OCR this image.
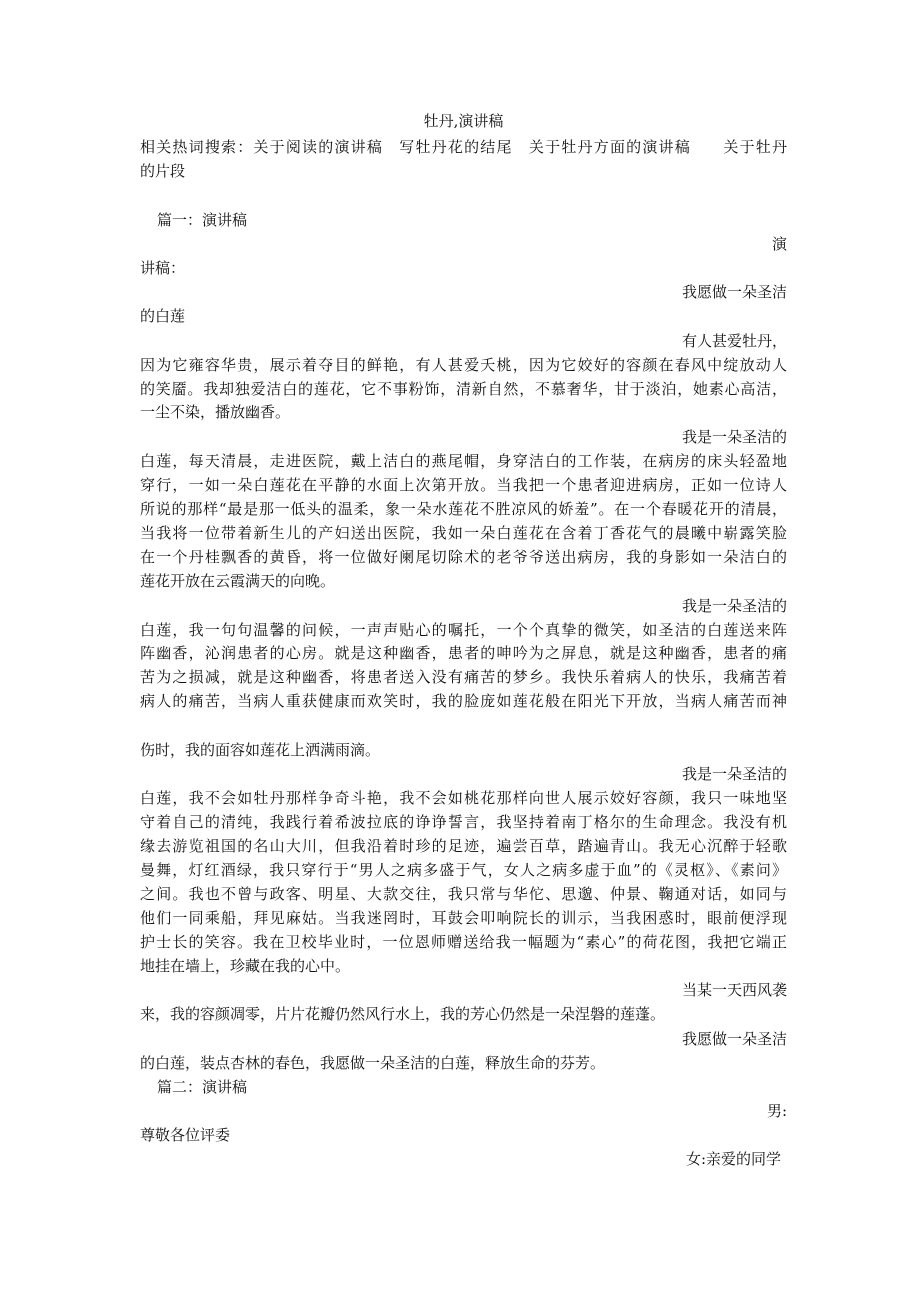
牡丹,演讲稿
相关热词搜索：关于阅读的演讲稿　写牡丹花的结尾　关于牡丹方面的演讲稿　　关于牡丹
的片段
篇一：演讲稿
演
讲稿：
我愿做一朵圣洁
的白莲
有人甚爱牡丹，
因为它雍容华贵，展示着夺目的鲜艳，有人甚爱夭桃，因为它姣好的容颜在春风中绽放动人
的笑靥。我却独爱洁白的莲花，它不事粉饰，清新自然，不慕奢华，甘于淡泊，她素心高洁，
一尘不染，播放幽香。
我是一朵圣洁的
白莲，每天清晨，走进医院，戴上洁白的燕尾帽，身穿洁白的工作装，在病房的床头轻盈地
穿行，一如一朵白莲花在平静的水面上次第开放。当我把一个患者迎进病房，正如一位诗人
所说的那样“最是那一低头的温柔，象一朵水莲花不胜凉风的娇羞”。在一个春暖花开的清晨，
当我将一位带着新生儿的产妇送出医院，我如一朵白莲花在含着丁香花气的晨曦中崭露笑脸
在一个丹桂飘香的黄昏，将一位做好阑尾切除术的老爷爷送出病房，我的身影如一朵洁白的
莲花开放在云霞满天的向晚。
我是一朵圣洁的
白莲，我一句句温馨的问候，一声声贴心的嘱托，一个个真挚的微笑，如圣洁的白莲送来阵
阵幽香，沁润患者的心房。就是这种幽香，患者的呻吟为之屏息，就是这种幽香，患者的痛
苦为之损减，就是这种幽香，将患者送入没有痛苦的梦乡。我快乐着病人的快乐，我痛苦着
病人的痛苦，当病人重获健康而欢笑时，我的脸庞如莲花般在阳光下开放，当病人痛苦而神
伤时，我的面容如莲花上洒满雨滴。
我是一朵圣洁的
白莲，我不会如牡丹那样争奇斗艳，我不会如桃花那样向世人展示姣好容颜，我只一味地坚
守着自己的清纯，我践行着希波拉底的诤诤誓言，我坚持着南丁格尔的生命理念。我没有机
缘去游览祖国的名山大川，但我沿着时珍的足迹，遍尝百草，踏遍青山。我无心沉醉于轻歌
曼舞，灯红酒绿，我只穿行于“男人之病多盛于气，女人之病多虚于血”的《灵枢》、《素问》
之间。我也不曾与政客、明星、大款交往，我只常与华佗、思邈、仲景、鞠通对话，如同与
他们一同乘船，拜见麻姑。当我迷罔时，耳鼓会叩响院长的训示，当我困惑时，眼前便浮现
护士长的笑容。我在卫校毕业时，一位恩师赠送给我一幅题为“素心”的荷花图，我把它端正
地挂在墙上，珍藏在我的心中。
当某一天西风袭
来，我的容颜凋零，片片花瓣仍然风行水上，我的芳心仍然是一朵涅磐的莲蓬。
我愿做一朵圣洁
的白莲，装点杏林的春色，我愿做一朵圣洁的白莲，释放生命的芬芳。
篇二：演讲稿
男:
尊敬各位评委
女:亲爱的同学
